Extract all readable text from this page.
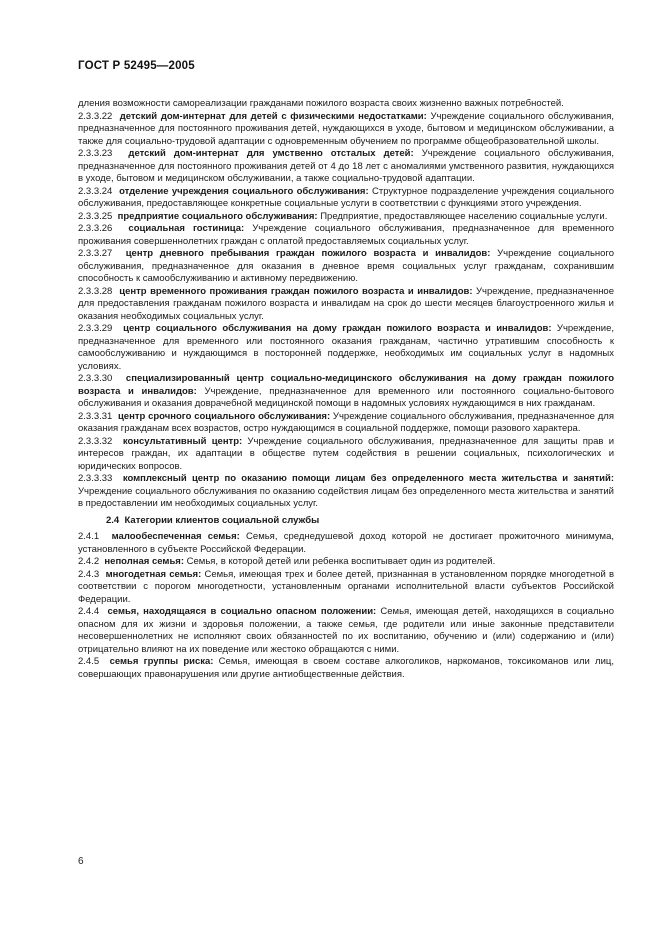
ГОСТ Р 52495—2005

дления возможности самореализации гражданами пожилого возраста своих жизненно важных потребностей.

2.3.3.22 детский дом-интернат для детей с физическими недостатками: Учреждение социального обслуживания, предназначенное для постоянного проживания детей, нуждающихся в уходе, бытовом и медицинском обслуживании, а также для социально-трудовой адаптации с одновременным обучением по программе общеобразовательной школы.

2.3.3.23 детский дом-интернат для умственно отсталых детей: Учреждение социального обслуживания, предназначенное для постоянного проживания детей от 4 до 18 лет с аномалиями умственного развития, нуждающихся в уходе, бытовом и медицинском обслуживании, а также социально-трудовой адаптации.

2.3.3.24 отделение учреждения социального обслуживания: Структурное подразделение учреждения социального обслуживания, предоставляющее конкретные социальные услуги в соответствии с функциями этого учреждения.

2.3.3.25 предприятие социального обслуживания: Предприятие, предоставляющее населению социальные услуги.

2.3.3.26 социальная гостиница: Учреждение социального обслуживания, предназначенное для временного проживания совершеннолетних граждан с оплатой предоставляемых социальных услуг.

2.3.3.27 центр дневного пребывания граждан пожилого возраста и инвалидов: Учреждение социального обслуживания, предназначенное для оказания в дневное время социальных услуг гражданам, сохранившим способность к самообслуживанию и активному передвижению.

2.3.3.28 центр временного проживания граждан пожилого возраста и инвалидов: Учреждение, предназначенное для предоставления гражданам пожилого возраста и инвалидам на срок до шести месяцев благоустроенного жилья и оказания необходимых социальных услуг.

2.3.3.29 центр социального обслуживания на дому граждан пожилого возраста и инвалидов: Учреждение, предназначенное для временного или постоянного оказания гражданам, частично утратившим способность к самообслуживанию и нуждающимся в посторонней поддержке, необходимых им социальных услуг в надомных условиях.

2.3.3.30 специализированный центр социально-медицинского обслуживания на дому граждан пожилого возраста и инвалидов: Учреждение, предназначенное для временного или постоянного социально-бытового обслуживания и оказания доврачебной медицинской помощи в надомных условиях нуждающимся в них гражданам.

2.3.3.31 центр срочного социального обслуживания: Учреждение социального обслуживания, предназначенное для оказания гражданам всех возрастов, остро нуждающимся в социальной поддержке, помощи разового характера.

2.3.3.32 консультативный центр: Учреждение социального обслуживания, предназначенное для защиты прав и интересов граждан, их адаптации в обществе путем содействия в решении социальных, психологических и юридических вопросов.

2.3.3.33 комплексный центр по оказанию помощи лицам без определенного места жительства и занятий: Учреждение социального обслуживания по оказанию содействия лицам без определенного места жительства и занятий в предоставлении им необходимых социальных услуг.

2.4 Категории клиентов социальной службы

2.4.1 малообеспеченная семья: Семья, среднедушевой доход которой не достигает прожиточного минимума, установленного в субъекте Российской Федерации.

2.4.2 неполная семья: Семья, в которой детей или ребенка воспитывает один из родителей.

2.4.3 многодетная семья: Семья, имеющая трех и более детей, признанная в установленном порядке многодетной в соответствии с порогом многодетности, установленным органами исполнительной власти субъектов Российской Федерации.

2.4.4 семья, находящаяся в социально опасном положении: Семья, имеющая детей, находящихся в социально опасном для их жизни и здоровья положении, а также семья, где родители или иные законные представители несовершеннолетних не исполняют своих обязанностей по их воспитанию, обучению и (или) содержанию и (или) отрицательно влияют на их поведение или жестоко обращаются с ними.

2.4.5 семья группы риска: Семья, имеющая в своем составе алкоголиков, наркоманов, токсикоманов или лиц, совершающих правонарушения или другие антиобщественные действия.

6
